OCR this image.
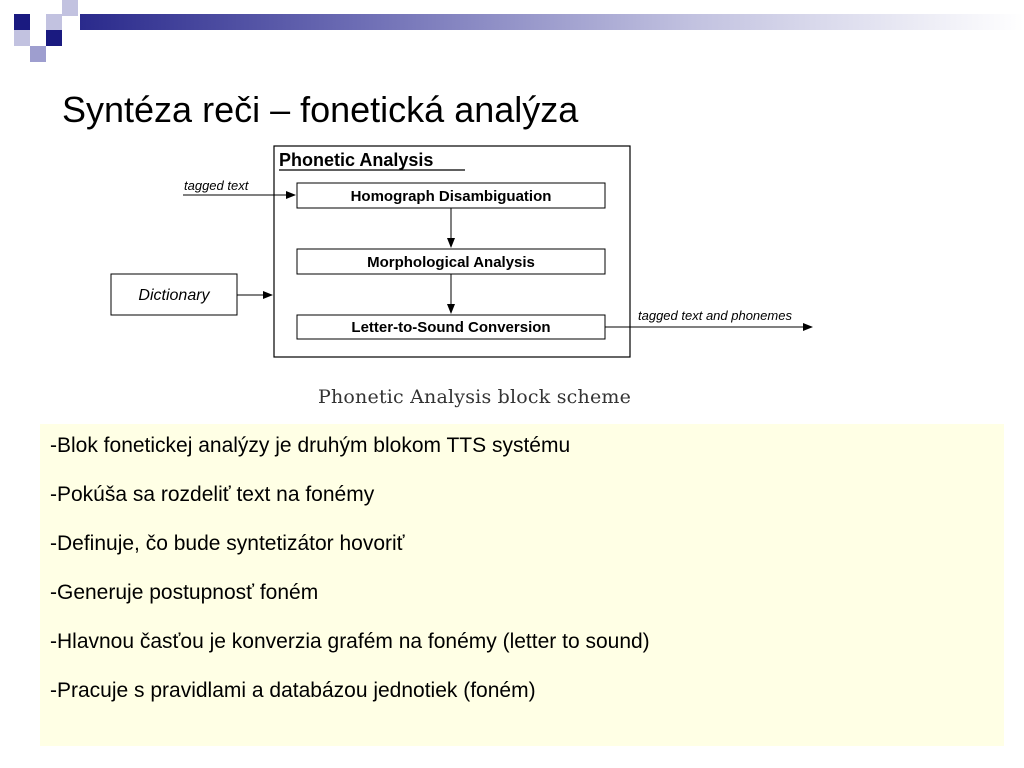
Syntéza reči – fonetická analýza
Phonetic Analysis
Homograph Disambiguation
Morphological Analysis
Letter-to-Sound Conversion
tagged text
Dictionary
tagged text and phonemes
Phonetic Analysis block scheme
-Blok fonetickej analýzy je druhým blokom TTS systému
-Pokúša sa rozdeliť text na fonémy
-Definuje, čo bude syntetizátor hovoriť
-Generuje postupnosť foném
-Hlavnou časťou je konverzia grafém na fonémy (letter to sound)
-Pracuje s pravidlami a databázou jednotiek (foném)
